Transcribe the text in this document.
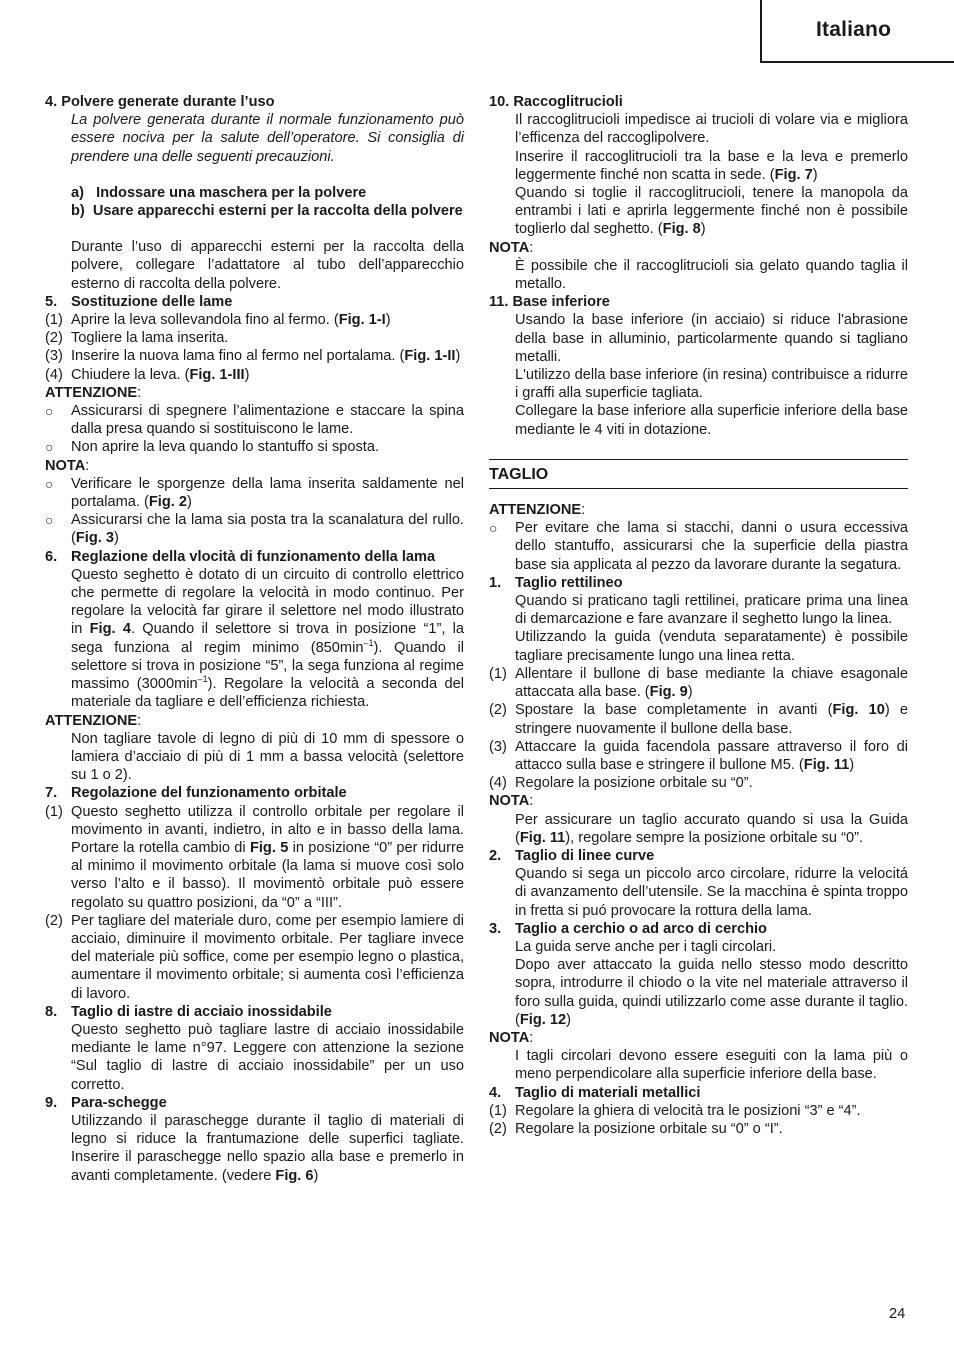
Italiano
4. Polvere generate durante l’uso
La polvere generata durante il normale funzionamento può essere nociva per la salute dell’operatore. Si consiglia di prendere una delle seguenti precauzioni.
a)   Indossare una maschera per la polvere
b)  Usare apparecchi esterni per la raccolta della polvere
Durante l’uso di apparecchi esterni per la raccolta della polvere, collegare l’adattatore al tubo dell’apparecchio esterno di raccolta della polvere.
5. Sostituzione delle lame
(1) Aprire la leva sollevandola fino al fermo. (Fig. 1-I)
(2) Togliere la lama inserita.
(3) Inserire la nuova lama fino al fermo nel portalama. (Fig. 1-II)
(4) Chiudere la leva. (Fig. 1-III)
ATTENZIONE:
○ Assicurarsi di spegnere l’alimentazione e staccare la spina dalla presa quando si sostituiscono le lame.
○ Non aprire la leva quando lo stantuffo si sposta.
NOTA:
○ Verificare le sporgenze della lama inserita saldamente nel portalama. (Fig. 2)
○ Assicurarsi che la lama sia posta tra la scanalatura del rullo. (Fig. 3)
6. Reglazione della vlocità di funzionamento della lama
Questo seghetto è dotato di un circuito di controllo elettrico che permette di regolare la velocità in modo continuo. Per regolare la velocità far girare il selettore nel modo illustrato in Fig. 4. Quando il selettore si trova in posizione “1”, la sega funziona al regim minimo $(850\min^{-1})$. Quando il selettore si trova in posizione “5”, la sega funziona al regime massimo $(3000\min^{-1})$. Regolare la velocità a seconda del materiale da tagliare e dell’efficienza richiesta.
ATTENZIONE:
Non tagliare tavole di legno di più di 10 mm di spessore o lamiera d’acciaio di più di 1 mm a bassa velocità (selettore su 1 o 2).
7. Regolazione del funzionamento orbitale
(1) Questo seghetto utilizza il controllo orbitale per regolare il movimento in avanti, indietro, in alto e in basso della lama. Portare la rotella cambio di Fig. 5 in posizione “0” per ridurre al minimo il movimento orbitale (la lama si muove così solo verso l’alto e il basso). Il movimentò orbitale può essere regolato su quattro posizioni, da “0” a “III”.
(2) Per tagliare del materiale duro, come per esempio lamiere di acciaio, diminuire il movimento orbitale. Per tagliare invece del materiale più soffice, come per esempio legno o plastica, aumentare il movimento orbitale; si aumenta così l’efficienza di lavoro.
8. Taglio di iastre di acciaio inossidabile
Questo seghetto può tagliare lastre di acciaio inossidabile mediante le lame n°97. Leggere con attenzione la sezione “Sul taglio di lastre di acciaio inossidabile” per un uso corretto.
9. Para-schegge
Utilizzando il paraschegge durante il taglio di materiali di legno si riduce la frantumazione delle superfici tagliate. Inserire il paraschegge nello spazio alla base e premerlo in avanti completamente. (vedere Fig. 6)
10. Raccoglitrucioli
Il raccoglitrucioli impedisce ai trucioli di volare via e migliora l’efficenza del raccoglipolvere.
Inserire il raccoglitrucioli tra la base e la leva e premerlo leggermente finché non scatta in sede. (Fig. 7)
Quando si toglie il raccoglitrucioli, tenere la manopola da entrambi i lati e aprirla leggermente finché non è possibile toglierlo dal seghetto. (Fig. 8)
NOTA:
È possibile che il raccoglitrucioli sia gelato quando taglia il metallo.
11. Base inferiore
Usando la base inferiore (in acciaio) si riduce l'abrasione della base in alluminio, particolarmente quando si tagliano metalli.
L'utilizzo della base inferiore (in resina) contribuisce a ridurre i graffi alla superficie tagliata.
Collegare la base inferiore alla superficie inferiore della base mediante le 4 viti in dotazione.
TAGLIO
ATTENZIONE:
○ Per evitare che lama si stacchi, danni o usura eccessiva dello stantuffo, assicurarsi che la superficie della piastra base sia applicata al pezzo da lavorare durante la segatura.
1. Taglio rettilineo
Quando si praticano tagli rettilinei, praticare prima una linea di demarcazione e fare avanzare il seghetto lungo la linea.
Utilizzando la guida (venduta separatamente) è possibile tagliare precisamente lungo una linea retta.
(1) Allentare il bullone di base mediante la chiave esagonale attaccata alla base. (Fig. 9)
(2) Spostare la base completamente in avanti (Fig. 10) e stringere nuovamente il bullone della base.
(3) Attaccare la guida facendola passare attraverso il foro di attacco sulla base e stringere il bullone M5. (Fig. 11)
(4) Regolare la posizione orbitale su “0”.
NOTA:
Per assicurare un taglio accurato quando si usa la Guida (Fig. 11), regolare sempre la posizione orbitale su “0”.
2. Taglio di linee curve
Quando si sega un piccolo arco circolare, ridurre la velocitá di avanzamento dell’utensile. Se la macchina è spinta troppo in fretta si puó provocare la rottura della lama.
3. Taglio a cerchio o ad arco di cerchio
La guida serve anche per i tagli circolari.
Dopo aver attaccato la guida nello stesso modo descritto sopra, introdurre il chiodo o la vite nel materiale attraverso il foro sulla guida, quindi utilizzarlo come asse durante il taglio. (Fig. 12)
NOTA:
I tagli circolari devono essere eseguiti con la lama più o meno perpendicolare alla superficie inferiore della base.
4. Taglio di materiali metallici
(1) Regolare la ghiera di velocità tra le posizioni “3” e “4”.
(2) Regolare la posizione orbitale su “0” o “I”.
24
